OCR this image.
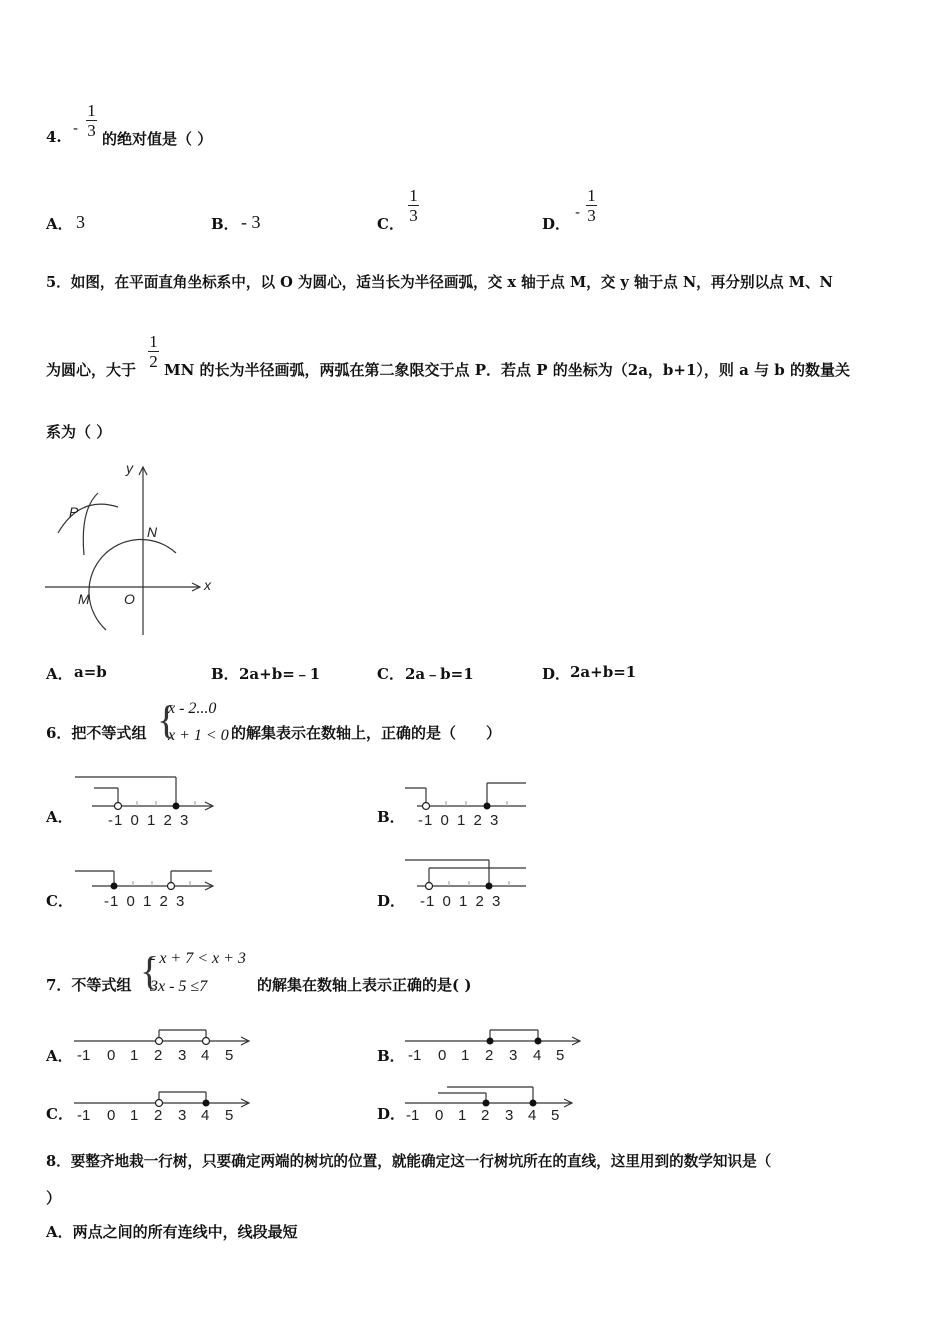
4. -
1
3 的绝对值是（ ）
A． 3	B． - 3	C．
1
3	D．
-
1
3
5．如图，在平面直角坐标系中，以 O 为圆心，适当长为半径画弧，交 x 轴于点 M，交 y 轴于点 N，再分别以点 M、N
为圆心，大于
1
2 MN 的长为半径画弧，两弧在第二象限交于点 P．若点 P 的坐标为（2a，b+1），则 a 与 b 的数量关
系为（ ）
y
x
P
N
M O
A． a=b	B． 2a+b=﹣1	C． 2a﹣b=1	D． 2a+b=1
6．把不等式组 {
x - 2...0
x + 1 < 0 的解集表示在数轴上，正确的是（　　）
A． -1 0 1 2 3	B． -1 0 1 2 3
C． -1 0 1 2 3	D． -1 0 1 2 3
7．不等式组 {
- x + 7 < x + 3
3x - 5 ≤7	的解集在数轴上表示正确的是( )
A． -1 0 1 2 3 4 5	B． -1 0 1 2 3 4 5
C． -1 0 1 2 3 4 5	D． -1 0 1 2 3 4 5
8．要整齐地栽一行树，只要确定两端的树坑的位置，就能确定这一行树坑所在的直线，这里用到的数学知识是（
）
A．两点之间的所有连线中，线段最短
